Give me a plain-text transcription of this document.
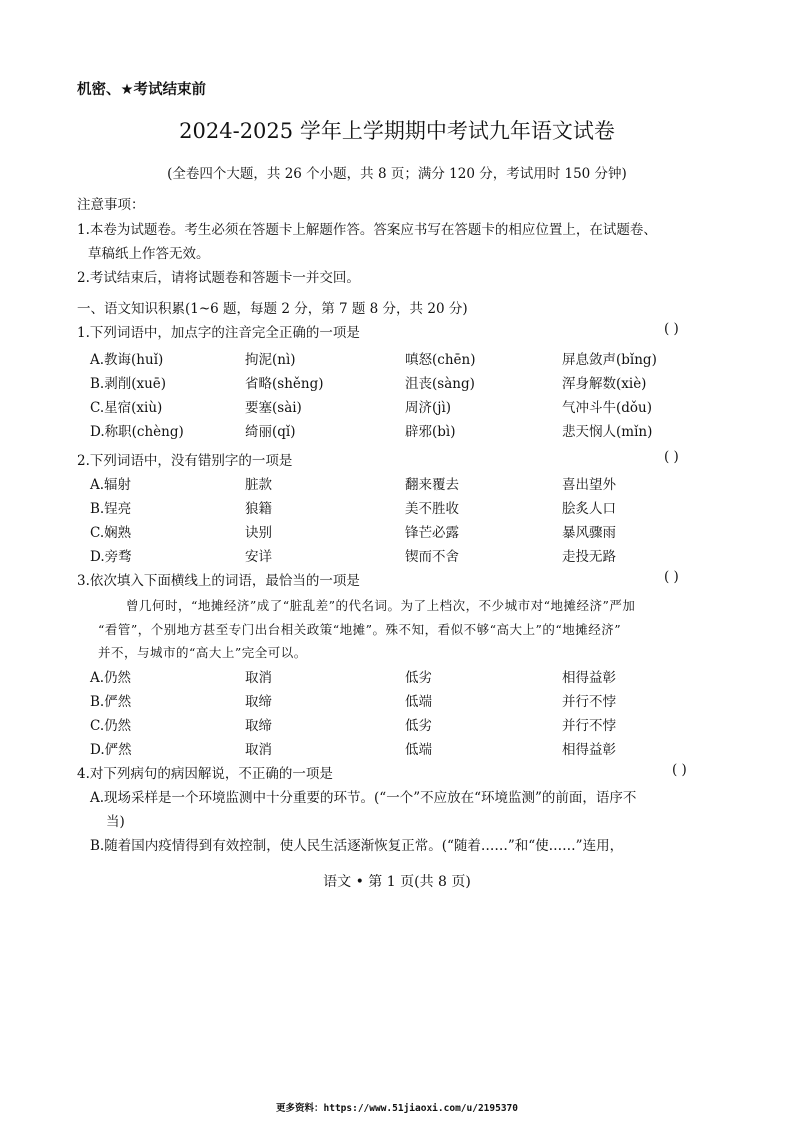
机密、★考试结束前
2024-2025 学年上学期期中考试九年语文试卷
(全卷四个大题，共 26 个小题，共 8 页；满分 120 分，考试用时 150 分钟)
注意事项：
1.本卷为试题卷。考生必须在答题卡上解题作答。答案应书写在答题卡的相应位置上，在试题卷、
草稿纸上作答无效。
2.考试结束后，请将试题卷和答题卡一并交回。
一、语文知识积累(1~6 题，每题 2 分，第 7 题 8 分，共 20 分)
1.下列词语中，加点字的注音完全正确的一项是	( )
A.教诲(huǐ)	拘泥(nì)	嗔怒(chēn)	屏息敛声(bǐng)
B.剥削(xuē)	省略(shěng)	沮丧(sàng)	浑身解数(xiè)
C.星宿(xiù)	要塞(sài)	周济(jì)	气冲斗牛(dǒu)
D.称职(chèng)	绮丽(qǐ)	辟邪(bì)	悲天悯人(mǐn)
2.下列词语中，没有错别字的一项是	( )
A.辐射	脏款	翻来覆去	喜出望外
B.锃亮	狼籍	美不胜收	脍炙人口
C.娴熟	诀别	锋芒必露	暴风骤雨
D.旁骛	安详	锲而不舍	走投无路
3.依次填入下面横线上的词语，最恰当的一项是	( )
曾几何时，“地摊经济”成了“脏乱差”的代名词。为了上档次，不少城市对“地摊经济”严加
“看管”，个别地方甚至专门出台相关政策“地摊”。殊不知，看似不够“高大上”的“地摊经济”
并不，与城市的“高大上”完全可以。
A.仍然	取消	低劣	相得益彰
B.俨然	取缔	低端	并行不悖
C.仍然	取缔	低劣	并行不悖
D.俨然	取消	低端	相得益彰
4.对下列病句的病因解说，不正确的一项是	( )
A.现场采样是一个环境监测中十分重要的环节。(“一个”不应放在“环境监测”的前面，语序不
当)
B.随着国内疫情得到有效控制，使人民生活逐渐恢复正常。(“随着……”和“使……”连用，
语文 • 第 1 页(共 8 页)
更多资料：https://www.51jiaoxi.com/u/2195370
